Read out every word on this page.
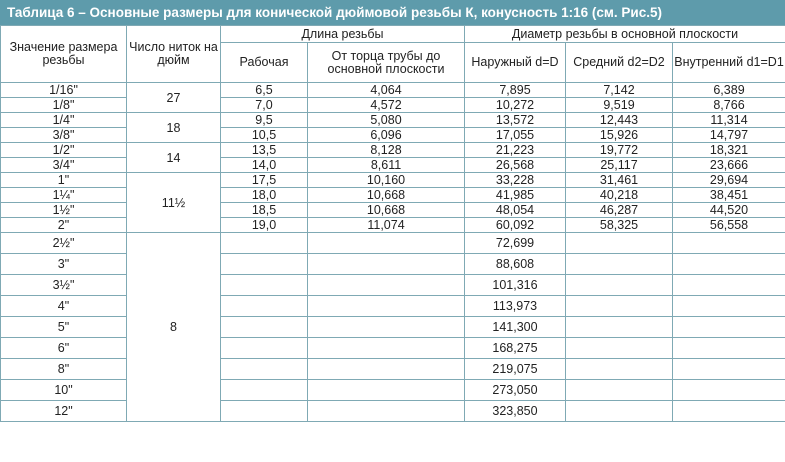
Таблица 6 – Основные размеры для конической дюймовой резьбы К, конусность 1:16 (см. Рис.5)
Значение размера резьбы	Число ниток на дюйм	Длина резьбы		Диаметр резьбы в основной плоскости		
		Рабочая	От торца трубы до основной плоскости	Наружный d=D	Средний d2=D2	Внутренний d1=D1
1/16"	27	6,5	4,064	7,895	7,142	6,389
1/8"		7,0	4,572	10,272	9,519	8,766
1/4"	18	9,5	5,080	13,572	12,443	11,314
3/8"		10,5	6,096	17,055	15,926	14,797
1/2"	14	13,5	8,128	21,223	19,772	18,321
3/4"		14,0	8,611	26,568	25,117	23,666
1"	11½	17,5	10,160	33,228	31,461	29,694
1¼"		18,0	10,668	41,985	40,218	38,451
1½"		18,5	10,668	48,054	46,287	44,520
2"		19,0	11,074	60,092	58,325	56,558
2½"	8			72,699		
3"				88,608		
3½"				101,316		
4"				113,973		
5"				141,300		
6"				168,275		
8"				219,075		
10"				273,050		
12"				323,850		
